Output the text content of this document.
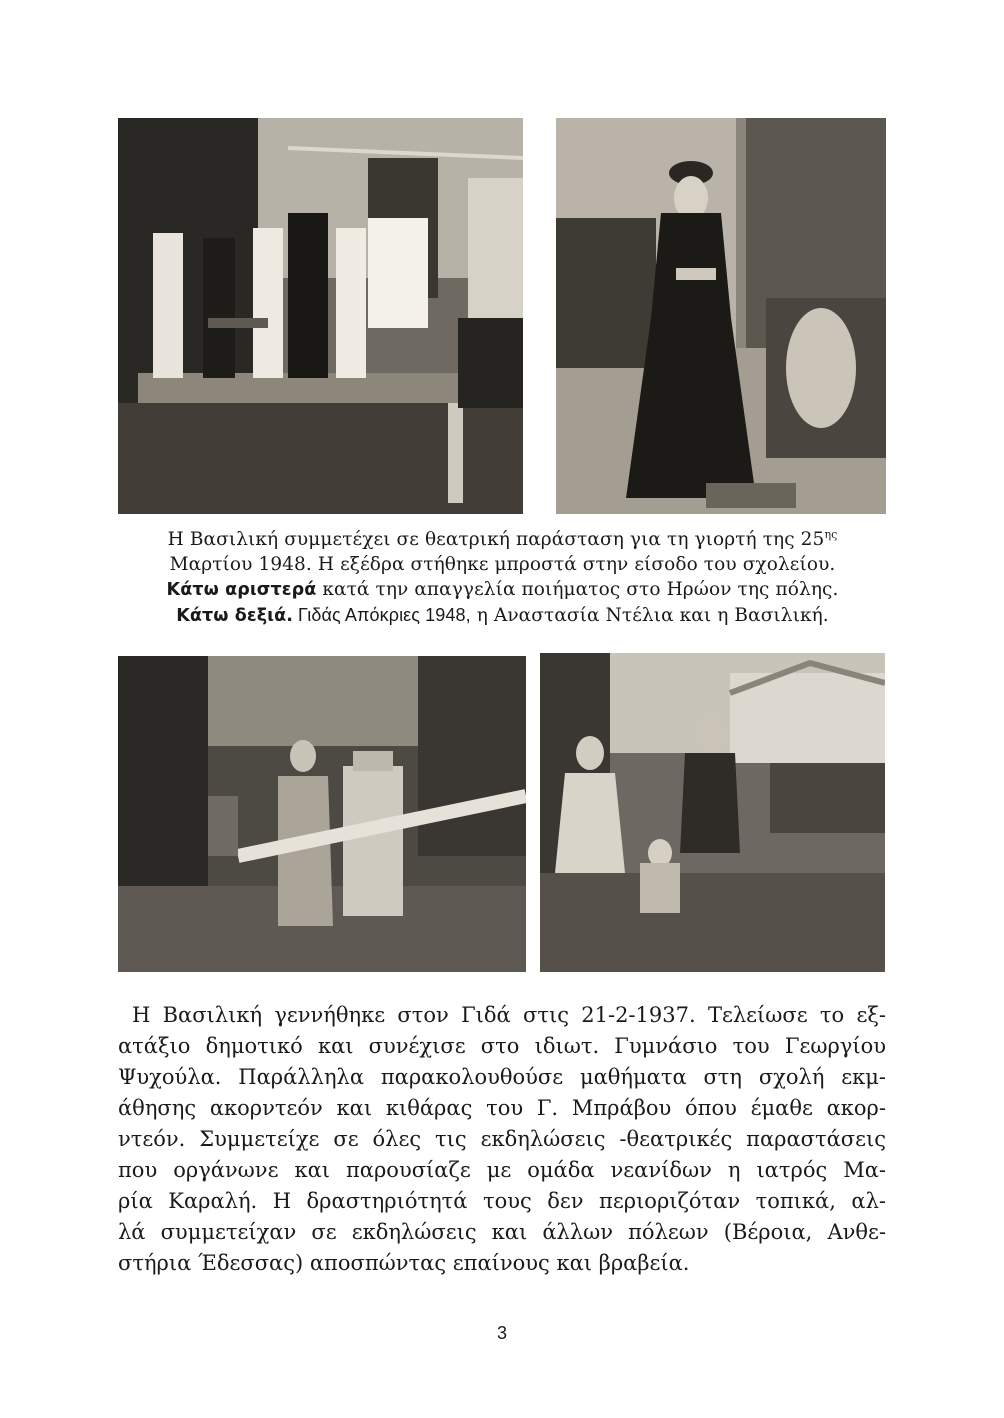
Η Βασιλική συμμετέχει σε θεατρική παράσταση για τη γιορτή της $25^{\eta\varsigma}$
Μαρτίου 1948. Η εξέδρα στήθηκε μπροστά στην είσοδο του σχολείου.
Κάτω αριστερά κατά την απαγγελία ποιήματος στο Ηρώον της πόλης.
Κάτω δεξιά. Γιδάς Απόκριες 1948, η Αναστασία Ντέλια και η Βασιλική.
Η Βασιλική γεννήθηκε στον Γιδά στις 21-2-1937. Τελείωσε το εξ-
ατάξιο δημοτικό και συνέχισε στο ιδιωτ. Γυμνάσιο του Γεωργίου
Ψυχούλα. Παράλληλα παρακολουθούσε μαθήματα στη σχολή εκμ-
άθησης ακορντεόν και κιθάρας του Γ. Μπράβου όπου έμαθε ακορ-
ντεόν. Συμμετείχε σε όλες τις εκδηλώσεις -θεατρικές παραστάσεις
που οργάνωνε και παρουσίαζε με ομάδα νεανίδων η ιατρός Μα-
ρία Καραλή. Η δραστηριότητά τους δεν περιοριζόταν τοπικά, αλ-
λά συμμετείχαν σε εκδηλώσεις και άλλων πόλεων (Βέροια, Ανθε-
στήρια Έδεσσας) αποσπώντας επαίνους και βραβεία.
3
